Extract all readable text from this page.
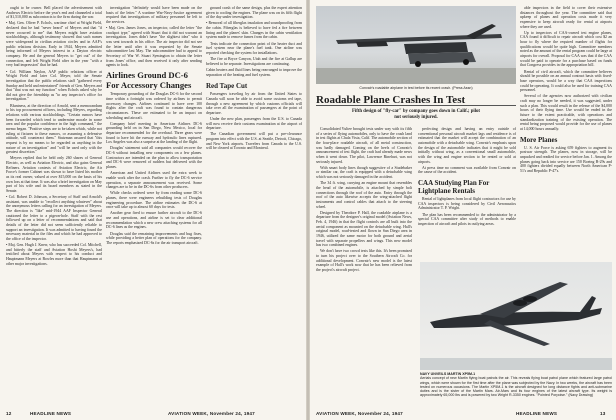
ought to be owner. Bell placed the advertisement with Andrews Electric before the year's end and channeled a total of $1,510,000 as subcontracts to the firm during the war.

• Maj. Gen. Oliver P. Echols, wartime chief at Wright Field, declared that he had "never heard" of Meyers and that "if never occurred to me" that Meyers might have aviation stockholdings, although testimony showed that such names were widespread in civilian aviation circles and in AAF's public relations division. Early in 1944, Meyers admitted being informed of Meyers interest in a Dayton electric company. He and the general Meyers to "get out" of the connection, and left Wright Field after in the year "with a very bad impression" that he had.

• Col. William Naylon, AAF public relations officer at Wright Field and later Col. Meyer, told the Senate investigation that the public relations staff "gathered every Sunday and held and entertained" friends of Gen. Meyers and that "that was not my function" when Echols asked why he did not give the friendship as "to any inspector's office for investigation."

Bluntness, at the direction of Arnold, sent a memorandum to his top procurement officers, including Meyers, regarding relations with various stockholdings. "Certain rumors have been forwarded which tend to undermine morale in some area and the popular confidence in the high command," the memo began. "Positive steps are to be taken which, while not ruling at fixtures to these rumors, or assuming a defensive attitude, will counteract them." Stutzman assured that "this request is by no means to be regarded as anything in the nature of an investigation" and "will be used only with the greatest discretion."

Meyers replied that he held only 260 shares of General Electric, as well as Aviation Electric, and also gains General Refiners. Aviation contests of Aviation Electric, the Air Force's former Cabinet was shown to have listed his mother as its real owner, valued at over $15,000 on the basis of his own loss at that time. It was also a brief investigation on May part of his wife and its board members as stated in the Senate.

• Col. Robert D. Johnson, a Secretary of Staff and Arnold's assistant, was unable to "recollect anything whatever" about the anonymous letters calling for an investigation of Meyers. The direction is "like" mid-1944 AAF Inspector General cautioned the letter to a pigeon-hole. Staff with the rest followed up on a letter of recommendations and said that details of the letter did not seem sufficiently reliable to support an investigation. It was admitted to having found the necessary material in the files and which he had approved to the office of the inspector.

• Maj. Gen. Hugh J. Knerr, who has succeeded Col. Mitchell, and bitterly the staff and Aviation Hoshi Meyers's, had testified about Meyers with respect to his conduct and Hauptmann Meyers at Bowles more than that Hauptmann at other major investigations.

investigation "definitely would have been made on the basis of the letter." A wartime War-Navy-Justice agreement required that investigations of military personnel be left to the services.

• Maj. Gen. James Jones, an inspector, called the letter "the crackpot type," agreed with Stuart that it did not warrant an investigation. Jones didn't have "the slightest idea" who it was sent towards in his office. The air inspector did not see the letter until after it was requested by the Senate subcommittee last May. The subcommittee had to appeal to Secretary of War W. Stuart Symington to obtain the letter from Jones' office, and then received it only after sending agents to look.

Airlines Ground DC-6 For Accessory Changes

Temporary grounding of the Douglas DC-6 for the second time within a fortnight was ordered by airlines to permit accessory changes. Airlines continued to have over 100 flights after the craft was found to contain dangerous circumstances. These are estimated to be an impact on scheduling and aircraft.

Company brief meeting in American Airlines DC-6 grounding held on in San Diego, New Mexico, local for departure recommended for the overhaul. Three gears were found to have hit the runway and hydraulic lines ruptured. Los Angeles was also a surprise at the landing of the flight.

Douglas' statement said all companies would recover the DC-6 without installing new components on a few planes. Contractors are intended on the plan to allow transportation and DC-6 were removed of rudders but delivered with the planes.

American and United Airlines used the extra week to enable work after the crash. Further to fly the DC-6 service operation, a separate announcement was received. Some changes are to be in the DC-6s from other producers.

While checks ordered were by from reading some DC-6 planes, there were engineers rebuilding tests of Douglas engineering procedure. The airline estimates the DC-6 at once will take up to almost 60 days for tests.

Another gear fired to ensure further aircraft to the DC-6 use and operations, and airline is set to clear additional recommendation which a new crew attaching systems for all DC-6 lines as the engines.

Douglas said the remaining improvements and bug fixes, while providing a better plan of operations for the company. The reports emphasized DC-6s for the air transport aircraft.

ground crash of the same design, plus the expert attention given to cooling the engines. The plane was on its fifth flight of the day under investigation.

• Removal of all fiberglas insulation and soundproofing from the cabin. Fiberglas is believed to have fed a fire between lining and the planes' skin. Changes in the cabin ventilation system made to remove fumes from the cabin.

Tests indicate the connection point of the heater duct and fuel system near the plane's fuel tank. One airline was reported checking the system for installations.

The fire at Bryce Canyon, Utah and the fire at Gallup are believed to be separate. Investigations are continuing.

Cabin heaters and fluid lines being rearranged to improve the separation of the heating and fuel system.

Red Tape Cut

Passengers traveling by air from the United States to Canada will soon be able to avoid some customs red tape, through a new agreement by which customs officials will take over all the examination of passengers at the point of departure.

Under the new plan, passengers from the U.S. to Canada will now receive their customs examination at the airport of departure.

The Canadian government will put a pre-clearance program into effect with the U.S. at Seattle, Detroit, Chicago, and New York airports. Travelers from Canada to the U.S. will be cleared at Toronto and Montreal.

12	HEADLINE NEWS	AVIATION WEEK, November 24, 1947
Convair's roadable airplane in test before its recent crash. (Press Assn)
Roadable Plane Crashes In Test
Fifth design of "fly-car" by company goes down in Calif.; pilot not seriously injured.

Consolidated Vultee brought tests under way with its fifth of a series of flying automobiles, only to have the crash land in test flights at Chula Vista, Calif. The automobile section of the four-place roadable aircraft, of all metal construction, was badly damaged. Coming on the heels of Convair's announcement of test flight, the craft had already made news when it went down. The pilot, Lawrence Rinehart, was not seriously injured.

With smart body lines though suggestive of a Studebaker or similar car, the craft is equipped with a detachable wing which was not seriously damaged in the accident.

The 34 ft. wing, carrying an engine mount that resembles the head of the automobile, is attached by simple bolt connections through the roof of the auto. Entry through the roof of the auto likewise accepts the wing-attached flight instruments and control cables that attach to the steering wheel.

Designed by Theodore P. Hall, the roadable airplane is a departure from the designer's original model (Aviation News, Feb. 4, 1946) in that the flight controls are all built into the aerial component as mounted on the detachable wing. Hall's original model, road-tested and flown in San Diego area in 1946, utilized the same motor for both ground and aerial travel with separate propellers and wings. This new model has two combined engines.

We don't have two crowd tests like this. It's been promised to turn his project over to the Southern Aircraft Co. for additional development. Convair's new model is the latest example of Hall's work now that he has been relieved from the project's aircraft project.

perfecting design and having an entry outside of conventional personal aircraft market lags and residence is of estimated that the market will accept the combination of an automobile with a detachable wing. Convair's emphasis upon the design of the automobile indicates that it might be sold initially without wing, as a conventional small automobile, with the wing and engine section to be rented or sold at airports.

At press time no comment was available from Convair on the cause of the accident.

CAA Studying Plan For Lightplane Rentals

Rental of lightplanes from local flight contractors for use by CAA inspectors is being considered by Civil Aeronautics Administrator T. P. Wright.

The plan has been recommended to the administrator by a special CAA committee after study of methods to enable inspection of aircraft and pilots in outlying areas.

able inspectors in the field to cover their extensive distances throughout the year. The committee said that upkeep of planes and operation costs made it very expensive to keep aircraft ready for rental at airports where they are used.

Up to inspectors of CAA-owned test engine planes, CAA found it difficult to repair aircraft which cost $2 an hour to fly where the required number of flights for qualifications would be quite high. Committee members noted as the amount of the rental program could be large at airports for overall. Proposal for CAA was that if the CAA would be paid to operate for a purchase based on funds that Congress provides in the appropriation bill.

Rental of civil aircraft, which the committee believes should be possible on an annual contract basis with fixed-base operators, would be a way that CAA inspections could be operating. It could also be used for training CAA personnel.

Several of the agencies now authorized with civilian craft may no longer be needed, it was suggested, under such a plan. This would result in the release of the $4,000 hours of their flying time. Use would be ended in the future to the extent practicable, with operations and standardization training of the existing operation. The rental being proposed would provide for the use of planes at 14,000 hours annually.

More Planes

U. S. Air Force is asking 659 fighters to augment its postwar strength. The planes, now in storage, will be unpacked and readied for service before Jan. 1. Among the planes going back into service are 150 Boeing B-29s and 400 fighters divided equally between North American P-51's and Republic P-47's.

NAVY UNVEILS MARTIN XP5M-1
Aerials concept of new Martin flying boat patrols the air. This reveals flying boat patrol plane which featured large patrol wings, which were shown for the first time after the plane was subjected by the Navy. In two weeks, the aircraft has been tested on numerous occasions. The Martin XP5M-1 is the aircraft designed for long distance fights and anti-submarine duties and is the sister of the Martin Mars. Air-Mars and its four engines of the latest aircraft type. Its weight is approximately 65,000 lbs and is powered by two Wright R-3350 engines. "Pointed Porpoise." (Navy Drawing)
AVIATION WEEK, November 24, 1947	HEADLINE NEWS	13
